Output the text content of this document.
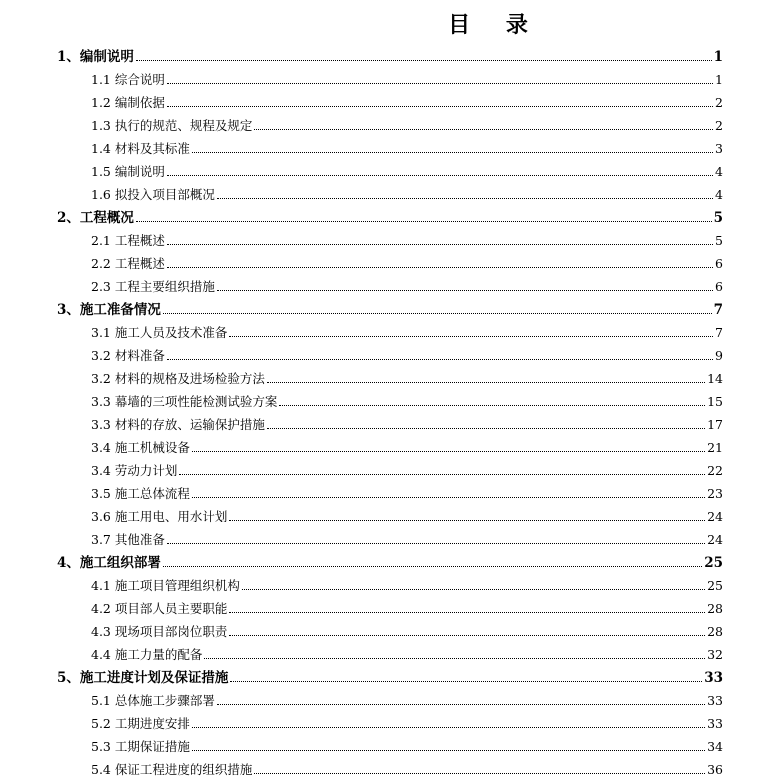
目 录
1、编制说明	1
1.1 综合说明	1
1.2 编制依据	2
1.3 执行的规范、规程及规定	2
1.4 材料及其标准	3
1.5 编制说明	4
1.6 拟投入项目部概况	4
2、工程概况	5
2.1 工程概述	5
2.2 工程概述	6
2.3 工程主要组织措施	6
3、施工准备情况	7
3.1 施工人员及技术准备	7
3.2 材料准备	9
3.2 材料的规格及进场检验方法	14
3.3 幕墙的三项性能检测试验方案	15
3.3 材料的存放、运输保护措施	17
3.4 施工机械设备	21
3.4 劳动力计划	22
3.5 施工总体流程	23
3.6 施工用电、用水计划	24
3.7 其他准备	24
4、施工组织部署	25
4.1 施工项目管理组织机构	25
4.2 项目部人员主要职能	28
4.3 现场项目部岗位职责	28
4.4 施工力量的配备	32
5、施工进度计划及保证措施	33
5.1 总体施工步骤部署	33
5.2 工期进度安排	33
5.3 工期保证措施	34
5.4 保证工程进度的组织措施	36
